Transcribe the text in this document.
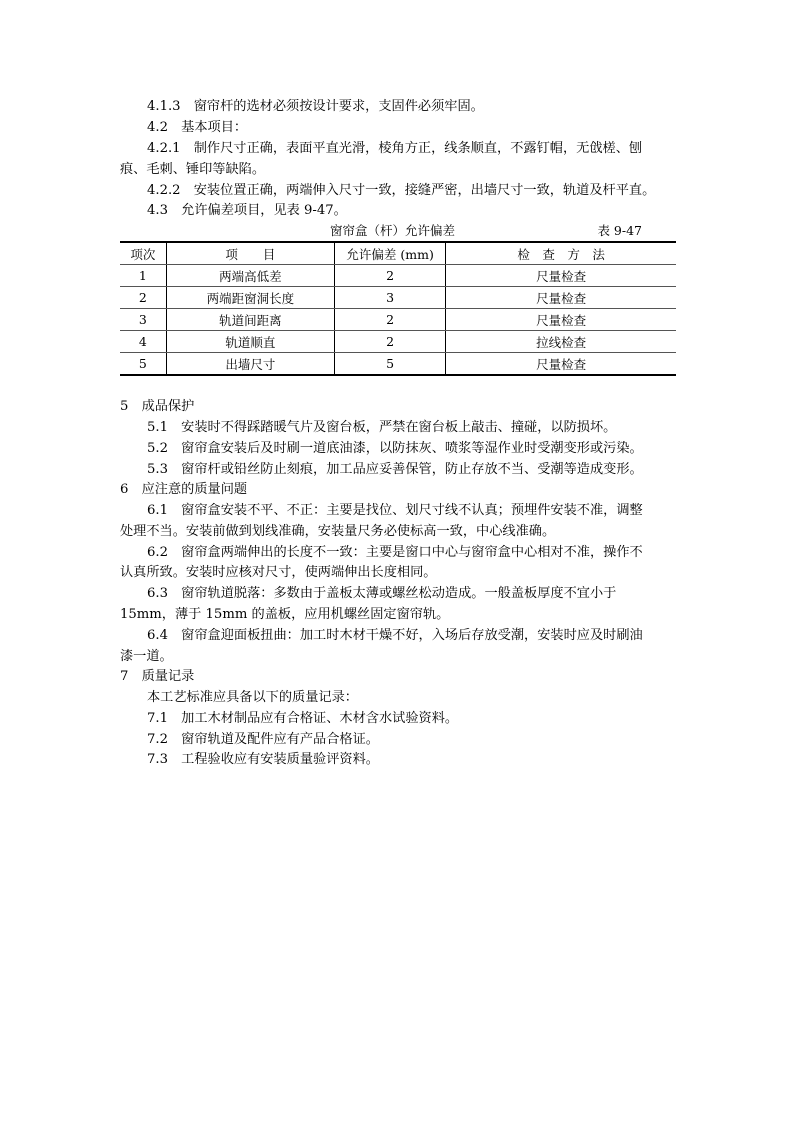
4.1.3　窗帘杆的选材必须按设计要求，支固件必须牢固。
4.2　基本项目：
4.2.1　制作尺寸正确，表面平直光滑，棱角方正，线条顺直，不露钉帽，无戗槎、刨
痕、毛刺、锤印等缺陷。
4.2.2　安装位置正确，两端伸入尺寸一致，接缝严密，出墙尺寸一致，轨道及杆平直。
4.3　允许偏差项目，见表 9-47。
窗帘盒（杆）允许偏差	表 9-47
项次	项　　目	允许偏差 (mm)	检　查　方　法
1	两端高低差	2	尺量检查
2	两端距窗洞长度	3	尺量检查
3	轨道间距离	2	尺量检查
4	轨道顺直	2	拉线检查
5	出墙尺寸	5	尺量检查
5　成品保护
5.1　安装时不得踩踏暖气片及窗台板，严禁在窗台板上敲击、撞碰，以防损坏。
5.2　窗帘盒安装后及时刷一道底油漆，以防抹灰、喷浆等湿作业时受潮变形或污染。
5.3　窗帘杆或铅丝防止刻痕，加工品应妥善保管，防止存放不当、受潮等造成变形。
6　应注意的质量问题
6.1　窗帘盒安装不平、不正：主要是找位、划尺寸线不认真；预埋件安装不准，调整
处理不当。安装前做到划线准确，安装量尺务必使标高一致，中心线准确。
6.2　窗帘盒两端伸出的长度不一致：主要是窗口中心与窗帘盒中心相对不准，操作不
认真所致。安装时应核对尺寸，使两端伸出长度相同。
6.3　窗帘轨道脱落：多数由于盖板太薄或螺丝松动造成。一般盖板厚度不宜小于
15mm，薄于 15mm 的盖板，应用机螺丝固定窗帘轨。
6.4　窗帘盒迎面板扭曲：加工时木材干燥不好，入场后存放受潮，安装时应及时刷油
漆一道。
7　质量记录
本工艺标准应具备以下的质量记录：
7.1　加工木材制品应有合格证、木材含水试验资料。
7.2　窗帘轨道及配件应有产品合格证。
7.3　工程验收应有安装质量验评资料。
